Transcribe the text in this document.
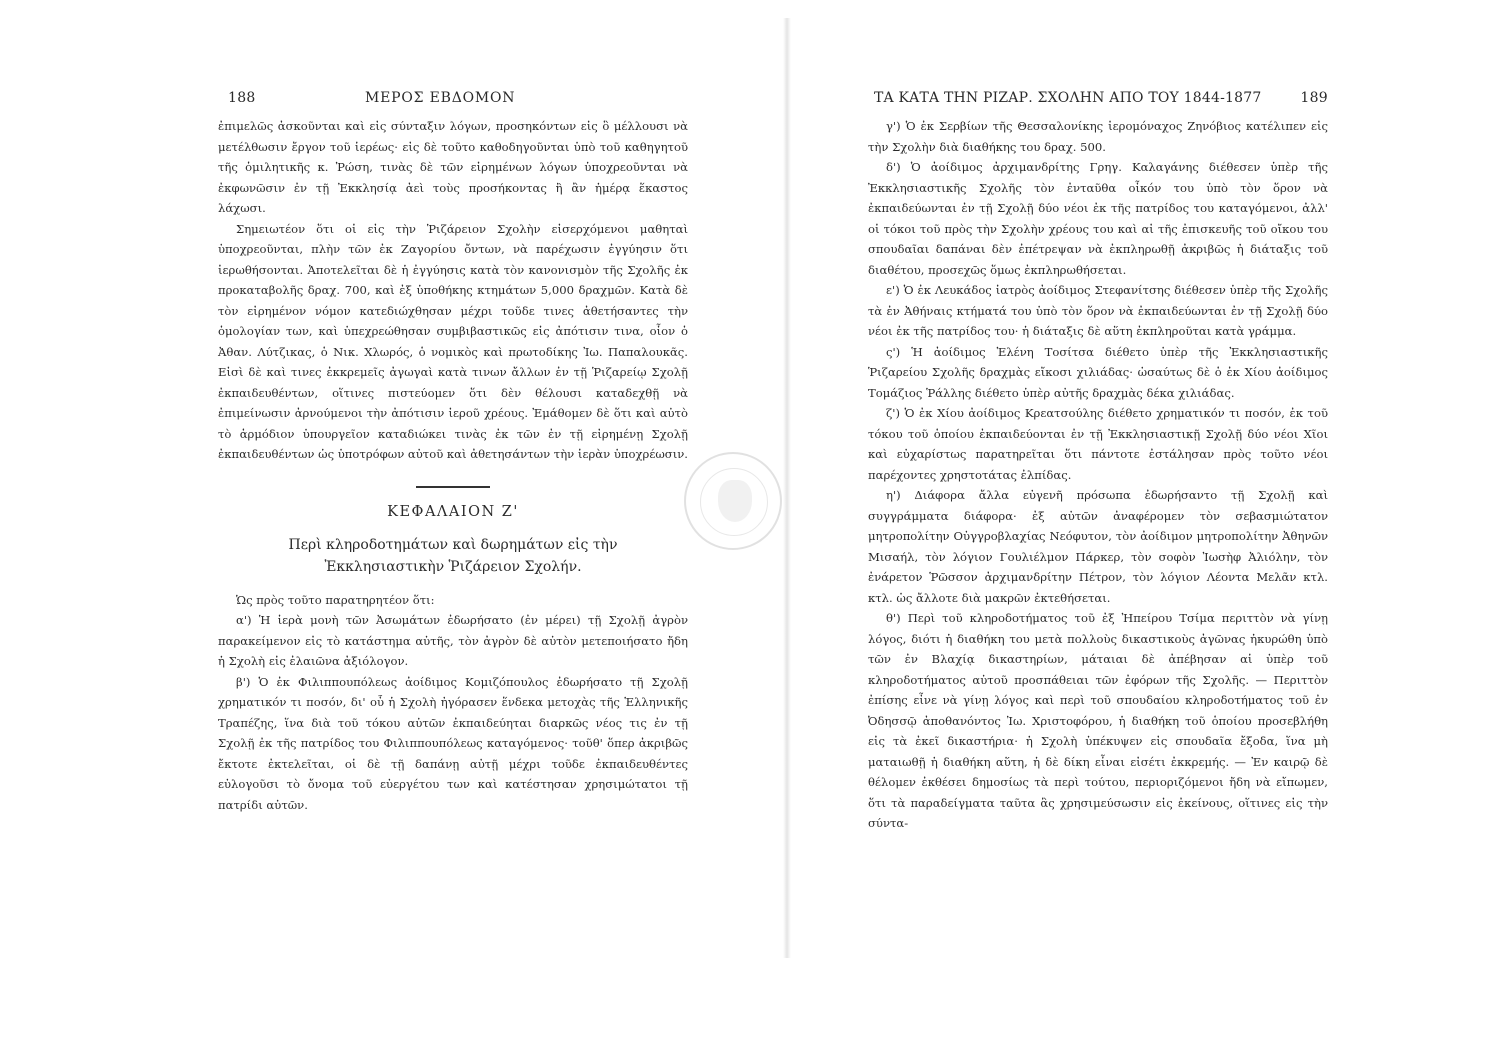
188	ΜΕΡΟΣ ΕΒΔΟΜΟΝ

ἐπιμελῶς ἀσκοῦνται καὶ εἰς σύνταξιν λόγων, προσηκόντων εἰς ὃ μέλλουσι νὰ μετέλθωσιν ἔργον τοῦ ἱερέως· εἰς δὲ τοῦτο καθοδηγοῦνται ὑπὸ τοῦ καθηγητοῦ τῆς ὁμιλητικῆς κ. Ῥώση, τινὰς δὲ τῶν εἰρημένων λόγων ὑποχρεοῦνται νὰ ἐκφωνῶσιν ἐν τῇ Ἐκκλησίᾳ ἀεὶ τοὺς προσήκοντας ἢ ἂν ἡμέρᾳ ἕκαστος λάχωσι.

Σημειωτέον ὅτι οἱ εἰς τὴν Ῥιζάρειον Σχολὴν εἰσερχόμενοι μαθηταὶ ὑποχρεοῦνται, πλὴν τῶν ἐκ Ζαγορίου ὄντων, νὰ παρέχωσιν ἐγγύησιν ὅτι ἱερωθήσονται. Ἀποτελεῖται δὲ ἡ ἐγγύησις κατὰ τὸν κανονισμὸν τῆς Σχολῆς ἐκ προκαταβολῆς δραχ. 700, καὶ ἐξ ὑποθήκης κτημάτων 5,000 δραχμῶν. Κατὰ δὲ τὸν εἰρημένον νόμον κατεδιώχθησαν μέχρι τοῦδε τινες ἀθετήσαντες τὴν ὁμολογίαν των, καὶ ὑπεχρεώθησαν συμβιβαστικῶς εἰς ἀπότισιν τινα, οἷον ὁ Ἀθαν. Λύτζικας, ὁ Νικ. Χλωρός, ὁ νομικὸς καὶ πρωτοδίκης Ἰω. Παπαλουκᾶς. Εἰσὶ δὲ καὶ τινες ἐκκρεμεῖς ἀγωγαὶ κατὰ τινων ἄλλων ἐν τῇ Ῥιζαρείῳ Σχολῇ ἐκπαιδευθέντων, οἵτινες πιστεύομεν ὅτι δὲν θέλουσι καταδεχθῇ νὰ ἐπιμείνωσιν ἀρνούμενοι τὴν ἀπότισιν ἱεροῦ χρέους. Ἐμάθομεν δὲ ὅτι καὶ αὐτὸ τὸ ἁρμόδιον ὑπουργεῖον καταδιώκει τινὰς ἐκ τῶν ἐν τῇ εἰρημένῃ Σχολῇ ἐκπαιδευθέντων ὡς ὑποτρόφων αὐτοῦ καὶ ἀθετησάντων τὴν ἱερὰν ὑποχρέωσιν.

ΚΕΦΑΛΑΙΟΝ Ζ'
Περὶ κληροδοτημάτων καὶ δωρημάτων εἰς τὴν
Ἐκκλησιαστικὴν Ῥιζάρειον Σχολήν.

Ὡς πρὸς τοῦτο παρατηρητέον ὅτι:

α') Ἡ ἱερὰ μονὴ τῶν Ἀσωμάτων ἐδωρήσατο (ἐν μέρει) τῇ Σχολῇ ἀγρὸν παρακείμενον εἰς τὸ κατάστημα αὐτῆς, τὸν ἀγρὸν δὲ αὐτὸν μετεποιήσατο ἤδη ἡ Σχολὴ εἰς ἐλαιῶνα ἀξιόλογον.

β') Ὁ ἐκ Φιλιππουπόλεως ἀοίδιμος Κομιζόπουλος ἐδωρήσατο τῇ Σχολῇ χρηματικόν τι ποσόν, δι' οὗ ἡ Σχολὴ ἠγόρασεν ἕνδεκα μετοχὰς τῆς Ἑλληνικῆς Τραπέζης, ἵνα διὰ τοῦ τόκου αὐτῶν ἐκπαιδεύηται διαρκῶς νέος τις ἐν τῇ Σχολῇ ἐκ τῆς πατρίδος του Φιλιππουπόλεως καταγόμενος· τοῦθ' ὅπερ ἀκριβῶς ἔκτοτε ἐκτελεῖται, οἱ δὲ τῇ δαπάνῃ αὐτῇ μέχρι τοῦδε ἐκπαιδευθέντες εὐλογοῦσι τὸ ὄνομα τοῦ εὐεργέτου των καὶ κατέστησαν χρησιμώτατοι τῇ πατρίδι αὐτῶν.

ΤΑ ΚΑΤΑ ΤΗΝ ΡΙΖΑΡ. ΣΧΟΛΗΝ ΑΠΟ ΤΟΥ 1844-1877	189

γ') Ὁ ἐκ Σερβίων τῆς Θεσσαλονίκης ἱερομόναχος Ζηνόβιος κατέλιπεν εἰς τὴν Σχολὴν διὰ διαθήκης του δραχ. 500.

δ') Ὁ ἀοίδιμος ἀρχιμανδρίτης Γρηγ. Καλαγάνης διέθεσεν ὑπὲρ τῆς Ἐκκλησιαστικῆς Σχολῆς τὸν ἐνταῦθα οἶκόν του ὑπὸ τὸν ὅρον νὰ ἐκπαιδεύωνται ἐν τῇ Σχολῇ δύο νέοι ἐκ τῆς πατρίδος του καταγόμενοι, ἀλλ' οἱ τόκοι τοῦ πρὸς τὴν Σχολὴν χρέους του καὶ αἱ τῆς ἐπισκευῆς τοῦ οἴκου του σπουδαῖαι δαπάναι δὲν ἐπέτρεψαν νὰ ἐκπληρωθῇ ἀκριβῶς ἡ διάταξις τοῦ διαθέτου, προσεχῶς ὅμως ἐκπληρωθήσεται.

ε') Ὁ ἐκ Λευκάδος ἰατρὸς ἀοίδιμος Στεφανίτσης διέθεσεν ὑπὲρ τῆς Σχολῆς τὰ ἐν Ἀθήναις κτήματά του ὑπὸ τὸν ὅρον νὰ ἐκπαιδεύωνται ἐν τῇ Σχολῇ δύο νέοι ἐκ τῆς πατρίδος του· ἡ διάταξις δὲ αὕτη ἐκπληροῦται κατὰ γράμμα.

ς') Ἡ ἀοίδιμος Ἑλένη Τοσίτσα διέθετο ὑπὲρ τῆς Ἐκκλησιαστικῆς Ῥιζαρείου Σχολῆς δραχμὰς εἴκοσι χιλιάδας· ὡσαύτως δὲ ὁ ἐκ Χίου ἀοίδιμος Τομάζιος Ῥάλλης διέθετο ὑπὲρ αὐτῆς δραχμὰς δέκα χιλιάδας.

ζ') Ὁ ἐκ Χίου ἀοίδιμος Κρεατσούλης διέθετο χρηματικόν τι ποσόν, ἐκ τοῦ τόκου τοῦ ὁποίου ἐκπαιδεύονται ἐν τῇ Ἐκκλησιαστικῇ Σχολῇ δύο νέοι Χῖοι καὶ εὐχαρίστως παρατηρεῖται ὅτι πάντοτε ἐστάλησαν πρὸς τοῦτο νέοι παρέχοντες χρηστοτάτας ἐλπίδας.

η') Διάφορα ἄλλα εὐγενῆ πρόσωπα ἐδωρήσαντο τῇ Σχολῇ καὶ συγγράμματα διάφορα· ἐξ αὐτῶν ἀναφέρομεν τὸν σεβασμιώτατον μητροπολίτην Οὐγγροβλαχίας Νεόφυτον, τὸν ἀοίδιμον μητροπολίτην Ἀθηνῶν Μισαήλ, τὸν λόγιον Γουλιέλμον Πάρκερ, τὸν σοφὸν Ἰωσὴφ Ἀλιόλην, τὸν ἐνάρετον Ῥῶσσον ἀρχιμανδρίτην Πέτρον, τὸν λόγιον Λέοντα Μελᾶν κτλ. κτλ. ὡς ἄλλοτε διὰ μακρῶν ἐκτεθήσεται.

θ') Περὶ τοῦ κληροδοτήματος τοῦ ἐξ Ἠπείρου Τσίμα περιττὸν νὰ γίνῃ λόγος, διότι ἡ διαθήκη του μετὰ πολλοὺς δικαστικοὺς ἀγῶνας ἠκυρώθη ὑπὸ τῶν ἐν Βλαχίᾳ δικαστηρίων, μάταιαι δὲ ἀπέβησαν αἱ ὑπὲρ τοῦ κληροδοτήματος αὐτοῦ προσπάθειαι τῶν ἐφόρων τῆς Σχολῆς. — Περιττὸν ἐπίσης εἶνε νὰ γίνῃ λόγος καὶ περὶ τοῦ σπουδαίου κληροδοτήματος τοῦ ἐν Ὀδησσῷ ἀποθανόντος Ἰω. Χριστοφόρου, ἡ διαθήκη τοῦ ὁποίου προσεβλήθη εἰς τὰ ἐκεῖ δικαστήρια· ἡ Σχολὴ ὑπέκυψεν εἰς σπουδαῖα ἔξοδα, ἵνα μὴ ματαιωθῇ ἡ διαθήκη αὕτη, ἡ δὲ δίκη εἶναι εἰσέτι ἐκκρεμής. — Ἐν καιρῷ δὲ θέλομεν ἐκθέσει δημοσίως τὰ περὶ τούτου, περιοριζόμενοι ἤδη νὰ εἴπωμεν, ὅτι τὰ παραδείγματα ταῦτα ἃς χρησιμεύσωσιν εἰς ἐκείνους, οἵτινες εἰς τὴν σύντα-
